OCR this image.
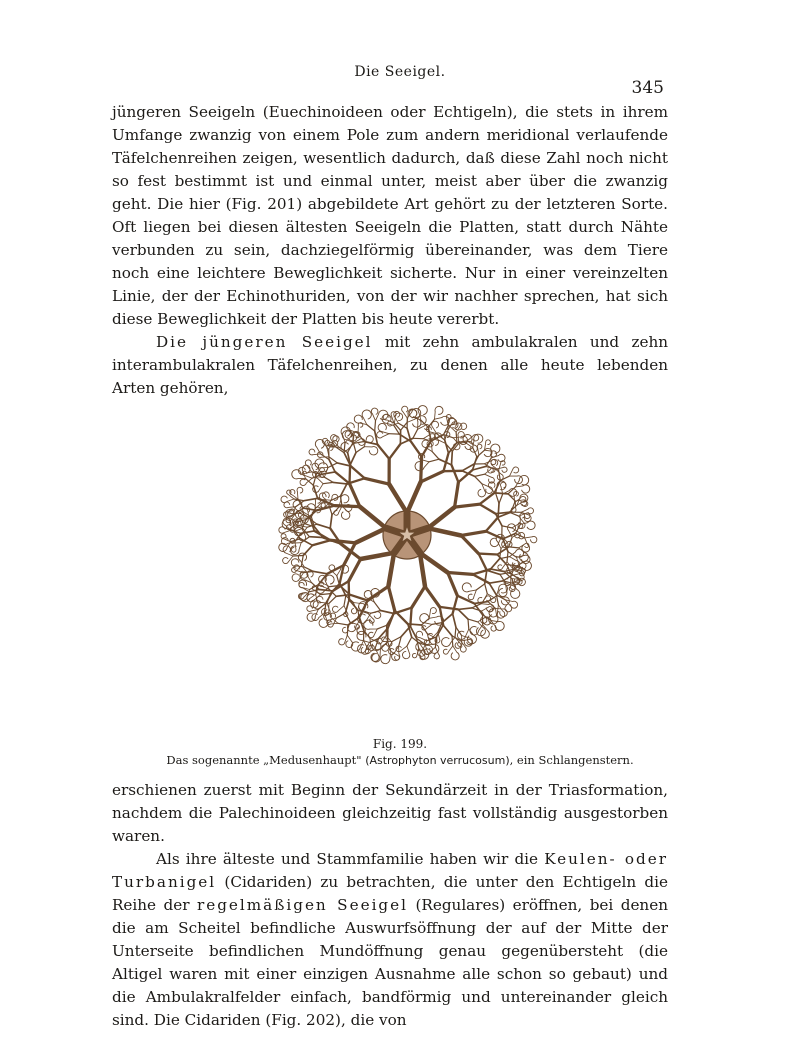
Die Seeigel.
345

jüngeren Seeigeln (Euechinoideen oder Echtigeln), die stets in ihrem Umfange zwanzig von einem Pole zum andern meridional verlaufende Täfelchenreihen zeigen, wesentlich dadurch, daß diese Zahl noch nicht so fest bestimmt ist und einmal unter, meist aber über die zwanzig geht. Die hier (Fig. 201) abgebildete Art gehört zu der letzteren Sorte. Oft liegen bei diesen ältesten Seeigeln die Platten, statt durch Nähte verbunden zu sein, dachziegelförmig übereinander, was dem Tiere noch eine leichtere Beweglichkeit sicherte. Nur in einer vereinzelten Linie, der der Echinothuriden, von der wir nachher sprechen, hat sich diese Beweglichkeit der Platten bis heute vererbt.

Die jüngeren Seeigel mit zehn ambulakralen und zehn interambulakralen Täfelchenreihen, zu denen alle heute lebenden Arten gehören,

Fig. 199.
Das sogenannte „Medusenhaupt" (Astrophyton verrucosum), ein Schlangenstern.

erschienen zuerst mit Beginn der Sekundärzeit in der Triasformation, nachdem die Palechinoideen gleichzeitig fast vollständig ausgestorben waren.

Als ihre älteste und Stammfamilie haben wir die Keulen- oder Turbanigel (Cidariden) zu betrachten, die unter den Echtigeln die Reihe der regelmäßigen Seeigel (Regulares) eröffnen, bei denen die am Scheitel befindliche Auswurfsöffnung der auf der Mitte der Unterseite befindlichen Mundöffnung genau gegenübersteht (die Altigel waren mit einer einzigen Ausnahme alle schon so gebaut) und die Ambulakralfelder einfach, bandförmig und untereinander gleich sind. Die Cidariden (Fig. 202), die von
